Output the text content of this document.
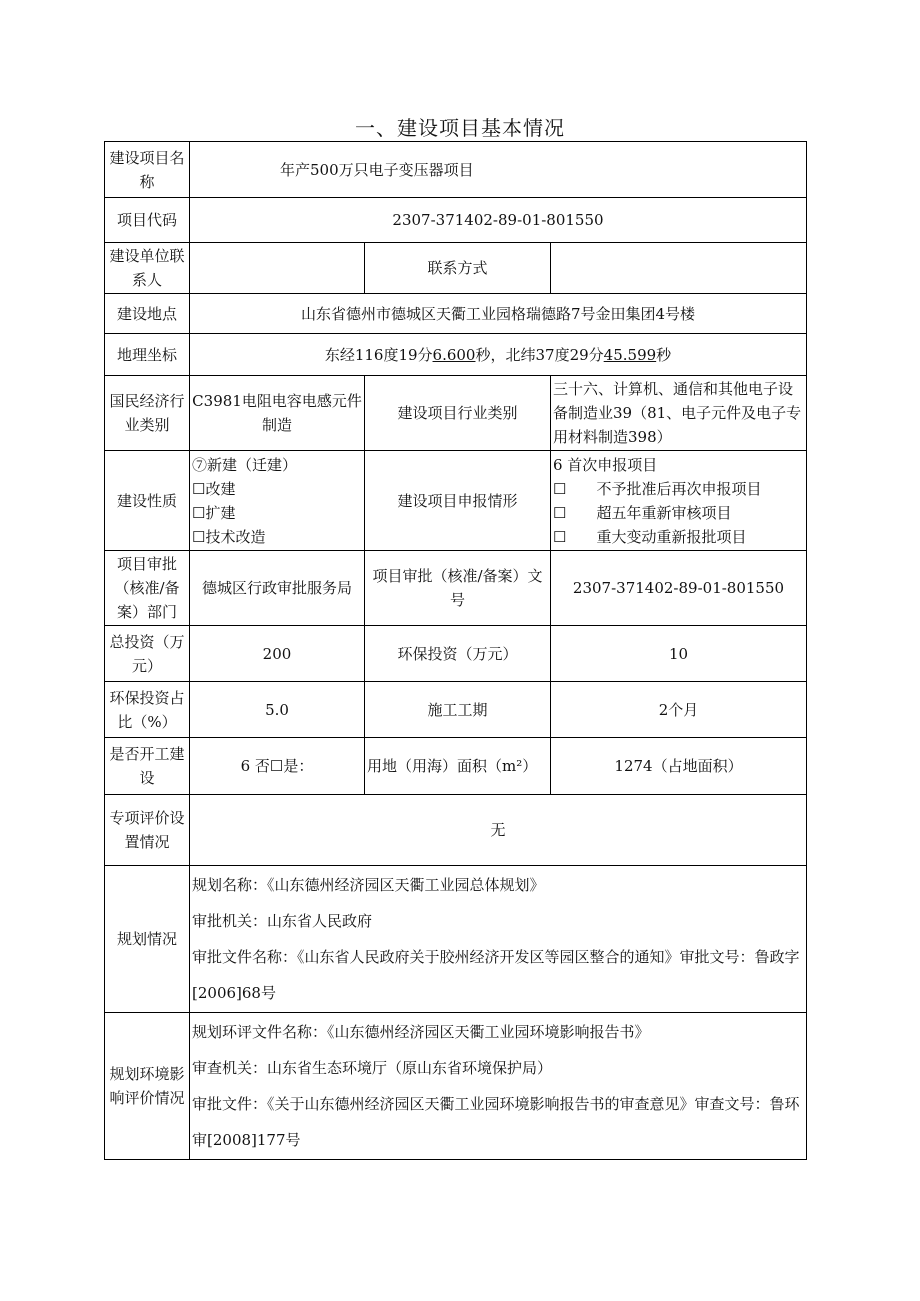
一、建设项目基本情况
建设项目名称	年产500万只电子变压器项目		
项目代码	2307-371402-89-01-801550		
建设单位联系人		联系方式	
建设地点	山东省德州市德城区天衢工业园格瑞德路7号金田集团4号楼		
地理坐标	东经116度19分6.600秒，北纬37度29分45.599秒		
国民经济行业类别	C3981电阻电容电感元件制造	建设项目行业类别	三十六、计算机、通信和其他电子设备制造业39（81、电子元件及电子专用材料制造398）
建设性质	⑦新建（迁建）
☐改建
☐扩建
☐技术改造	建设项目申报情形	6 首次申报项目
☐　　不予批准后再次申报项目
☐　　超五年重新审核项目
☐　　重大变动重新报批项目

项目审批（核准/备案）部门	德城区行政审批服务局	项目审批（核准/备案）文号	2307-371402-89-01-801550
总投资（万元）	200	环保投资（万元）	10
环保投资占比（%）	5.0	施工工期	2个月
是否开工建设	6 否☐是：	用地（用海）面积（m²）	1274（占地面积）
专项评价设置情况	无		
规划情况	规划名称：《山东德州经济园区天衢工业园总体规划》
审批机关：山东省人民政府
审批文件名称：《山东省人民政府关于胶州经济开发区等园区整合的通知》审批文号：鲁政字[2006]68号		

规划环境影响评价情况	规划环评文件名称：《山东德州经济园区天衢工业园环境影响报告书》
审查机关：山东省生态环境厅（原山东省环境保护局）
审批文件：《关于山东德州经济园区天衢工业园环境影响报告书的审查意见》审查文号：鲁环审[2008]177号		
